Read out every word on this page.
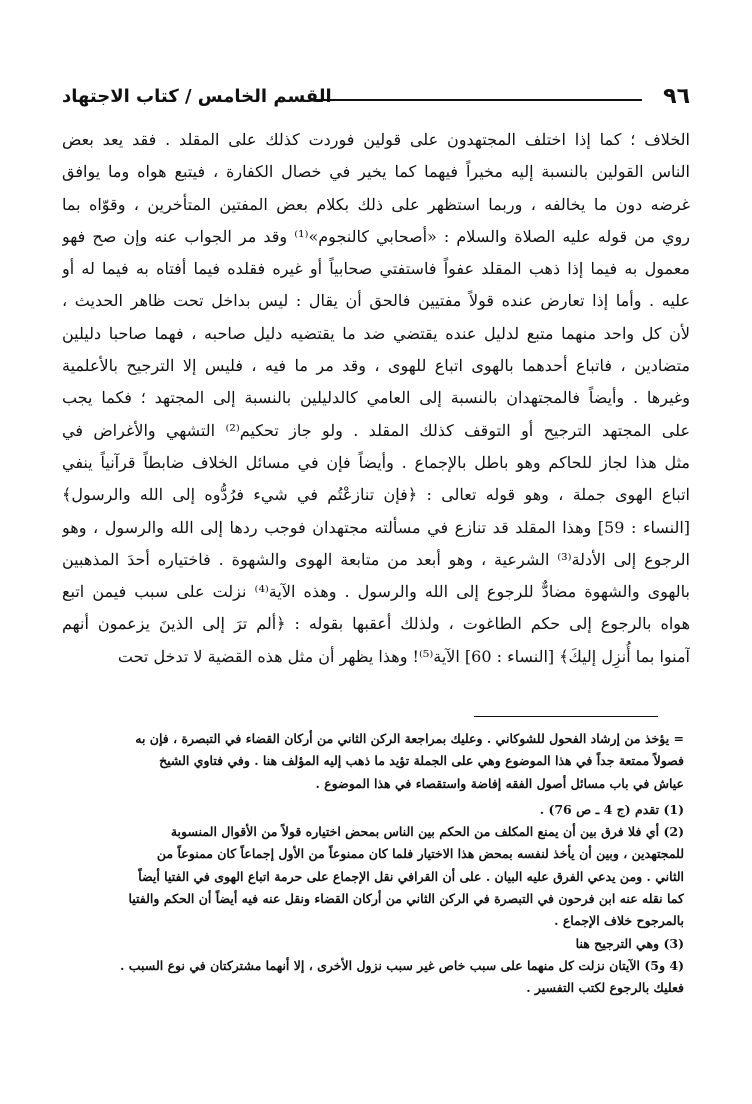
٩٦
القسم الخامس / كتاب الاجتهاد
الخلاف ؛ كما إذا اختلف المجتهدون على قولين فوردت كذلك على المقلد . فقد يعد بعض
الناس القولين بالنسبة إليه مخيراً فيهما كما يخير في خصال الكفارة ، فيتبع هواه وما يوافق
غرضه دون ما يخالفه ، وربما استظهر على ذلك بكلام بعض المفتين المتأخرين ، وقوّاه بما
روي من قوله عليه الصلاة والسلام : «أصحابي كالنجوم»⁽¹⁾ وقد مر الجواب عنه وإن صح فهو
معمول به فيما إذا ذهب المقلد عفواً فاستفتي صحابياً أو غيره فقلده فيما أفتاه به فيما له أو
عليه . وأما إذا تعارض عنده قولاً مفتيين فالحق أن يقال : ليس بداخل تحت ظاهر الحديث ،
لأن كل واحد منهما متبع لدليل عنده يقتضي ضد ما يقتضيه دليل صاحبه ، فهما صاحبا دليلين
متضادين ، فاتباع أحدهما بالهوى اتباع للهوى ، وقد مر ما فيه ، فليس إلا الترجيح بالأعلمية
وغيرها . وأيضاً فالمجتهدان بالنسبة إلى العامي كالدليلين بالنسبة إلى المجتهد ؛ فكما يجب
على المجتهد الترجيح أو التوقف كذلك المقلد . ولو جاز تحكيم⁽²⁾ التشهي والأغراض في
مثل هذا لجاز للحاكم وهو باطل بالإجماع . وأيضاً فإن في مسائل الخلاف ضابطاً قرآنياً ينفي
اتباع الهوى جملة ، وهو قوله تعالى : ﴿فإن تنازعْتُم في شيء فرُدُّوه إلى الله والرسول﴾
[النساء : 59] وهذا المقلد قد تنازع في مسألته مجتهدان فوجب ردها إلى الله والرسول ، وهو
الرجوع إلى الأدلة⁽³⁾ الشرعية ، وهو أبعد من متابعة الهوى والشهوة . فاختياره أحدَ المذهبين
بالهوى والشهوة مضادٌّ للرجوع إلى الله والرسول . وهذه الآية⁽⁴⁾ نزلت على سبب فيمن اتبع
هواه بالرجوع إلى حكم الطاغوت ، ولذلك أعقبها بقوله : ﴿ألم ترَ إلى الذينَ يزعمون أنهم
آمنوا بما أُنزِل إليكَ﴾ [النساء : 60] الآية⁽⁵⁾! وهذا يظهر أن مثل هذه القضية لا تدخل تحت
= يؤخذ من إرشاد الفحول للشوكاني . وعليك بمراجعة الركن الثاني من أركان القضاء في التبصرة ، فإن به
فصولاً ممتعة جداً في هذا الموضوع وهي على الجملة تؤيد ما ذهب إليه المؤلف هنا . وفي فتاوي الشيخ
عياش في باب مسائل أصول الفقه إفاضة واستقصاء في هذا الموضوع .
(1) تقدم (ج 4 ـ ص 76) .
(2) أي فلا فرق بين أن يمنع المكلف من الحكم بين الناس بمحض اختياره قولاً من الأقوال المنسوبة
للمجتهدين ، وبين أن يأخذ لنفسه بمحض هذا الاختيار فلما كان ممنوعاً من الأول إجماعاً كان ممنوعاً من
الثاني . ومن يدعي الفرق عليه البيان . على أن القرافي نقل الإجماع على حرمة اتباع الهوى في الفتيا أيضاً
كما نقله عنه ابن فرحون في التبصرة في الركن الثاني من أركان القضاء ونقل عنه فيه أيضاً أن الحكم والفتيا
بالمرجوح خلاف الإجماع .
(3) وهي الترجيح هنا
(4 و5) الآيتان نزلت كل منهما على سبب خاص غير سبب نزول الأخرى ، إلا أنهما مشتركتان في نوع السبب .
فعليك بالرجوع لكتب التفسير .
